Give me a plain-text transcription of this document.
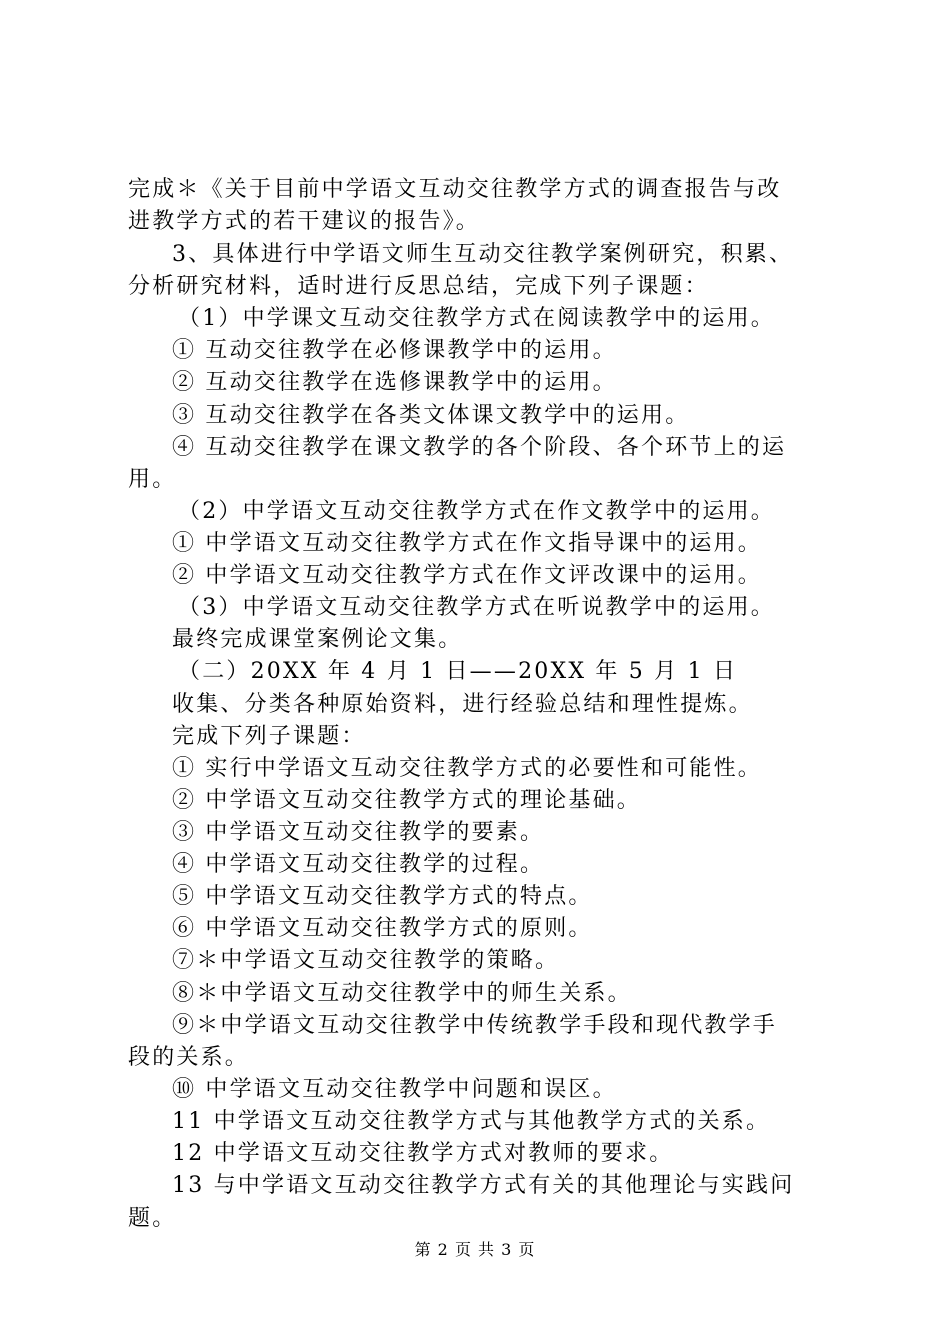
完成＊《关于目前中学语文互动交往教学方式的调查报告与改
进教学方式的若干建议的报告》。
3、具体进行中学语文师生互动交往教学案例研究，积累、
分析研究材料，适时进行反思总结，完成下列子课题：
（1）中学课文互动交往教学方式在阅读教学中的运用。
① 互动交往教学在必修课教学中的运用。
② 互动交往教学在选修课教学中的运用。
③ 互动交往教学在各类文体课文教学中的运用。
④ 互动交往教学在课文教学的各个阶段、各个环节上的运
用。
（2）中学语文互动交往教学方式在作文教学中的运用。
① 中学语文互动交往教学方式在作文指导课中的运用。
② 中学语文互动交往教学方式在作文评改课中的运用。
（3）中学语文互动交往教学方式在听说教学中的运用。
最终完成课堂案例论文集。
（二）20XX 年 4 月 1 日——20XX 年 5 月 1 日
收集、分类各种原始资料，进行经验总结和理性提炼。
完成下列子课题：
① 实行中学语文互动交往教学方式的必要性和可能性。
② 中学语文互动交往教学方式的理论基础。
③ 中学语文互动交往教学的要素。
④ 中学语文互动交往教学的过程。
⑤ 中学语文互动交往教学方式的特点。
⑥ 中学语文互动交往教学方式的原则。
⑦＊中学语文互动交往教学的策略。
⑧＊中学语文互动交往教学中的师生关系。
⑨＊中学语文互动交往教学中传统教学手段和现代教学手
段的关系。
⑩ 中学语文互动交往教学中问题和误区。
11 中学语文互动交往教学方式与其他教学方式的关系。
12 中学语文互动交往教学方式对教师的要求。
13 与中学语文互动交往教学方式有关的其他理论与实践问
题。
第 2 页 共 3 页
